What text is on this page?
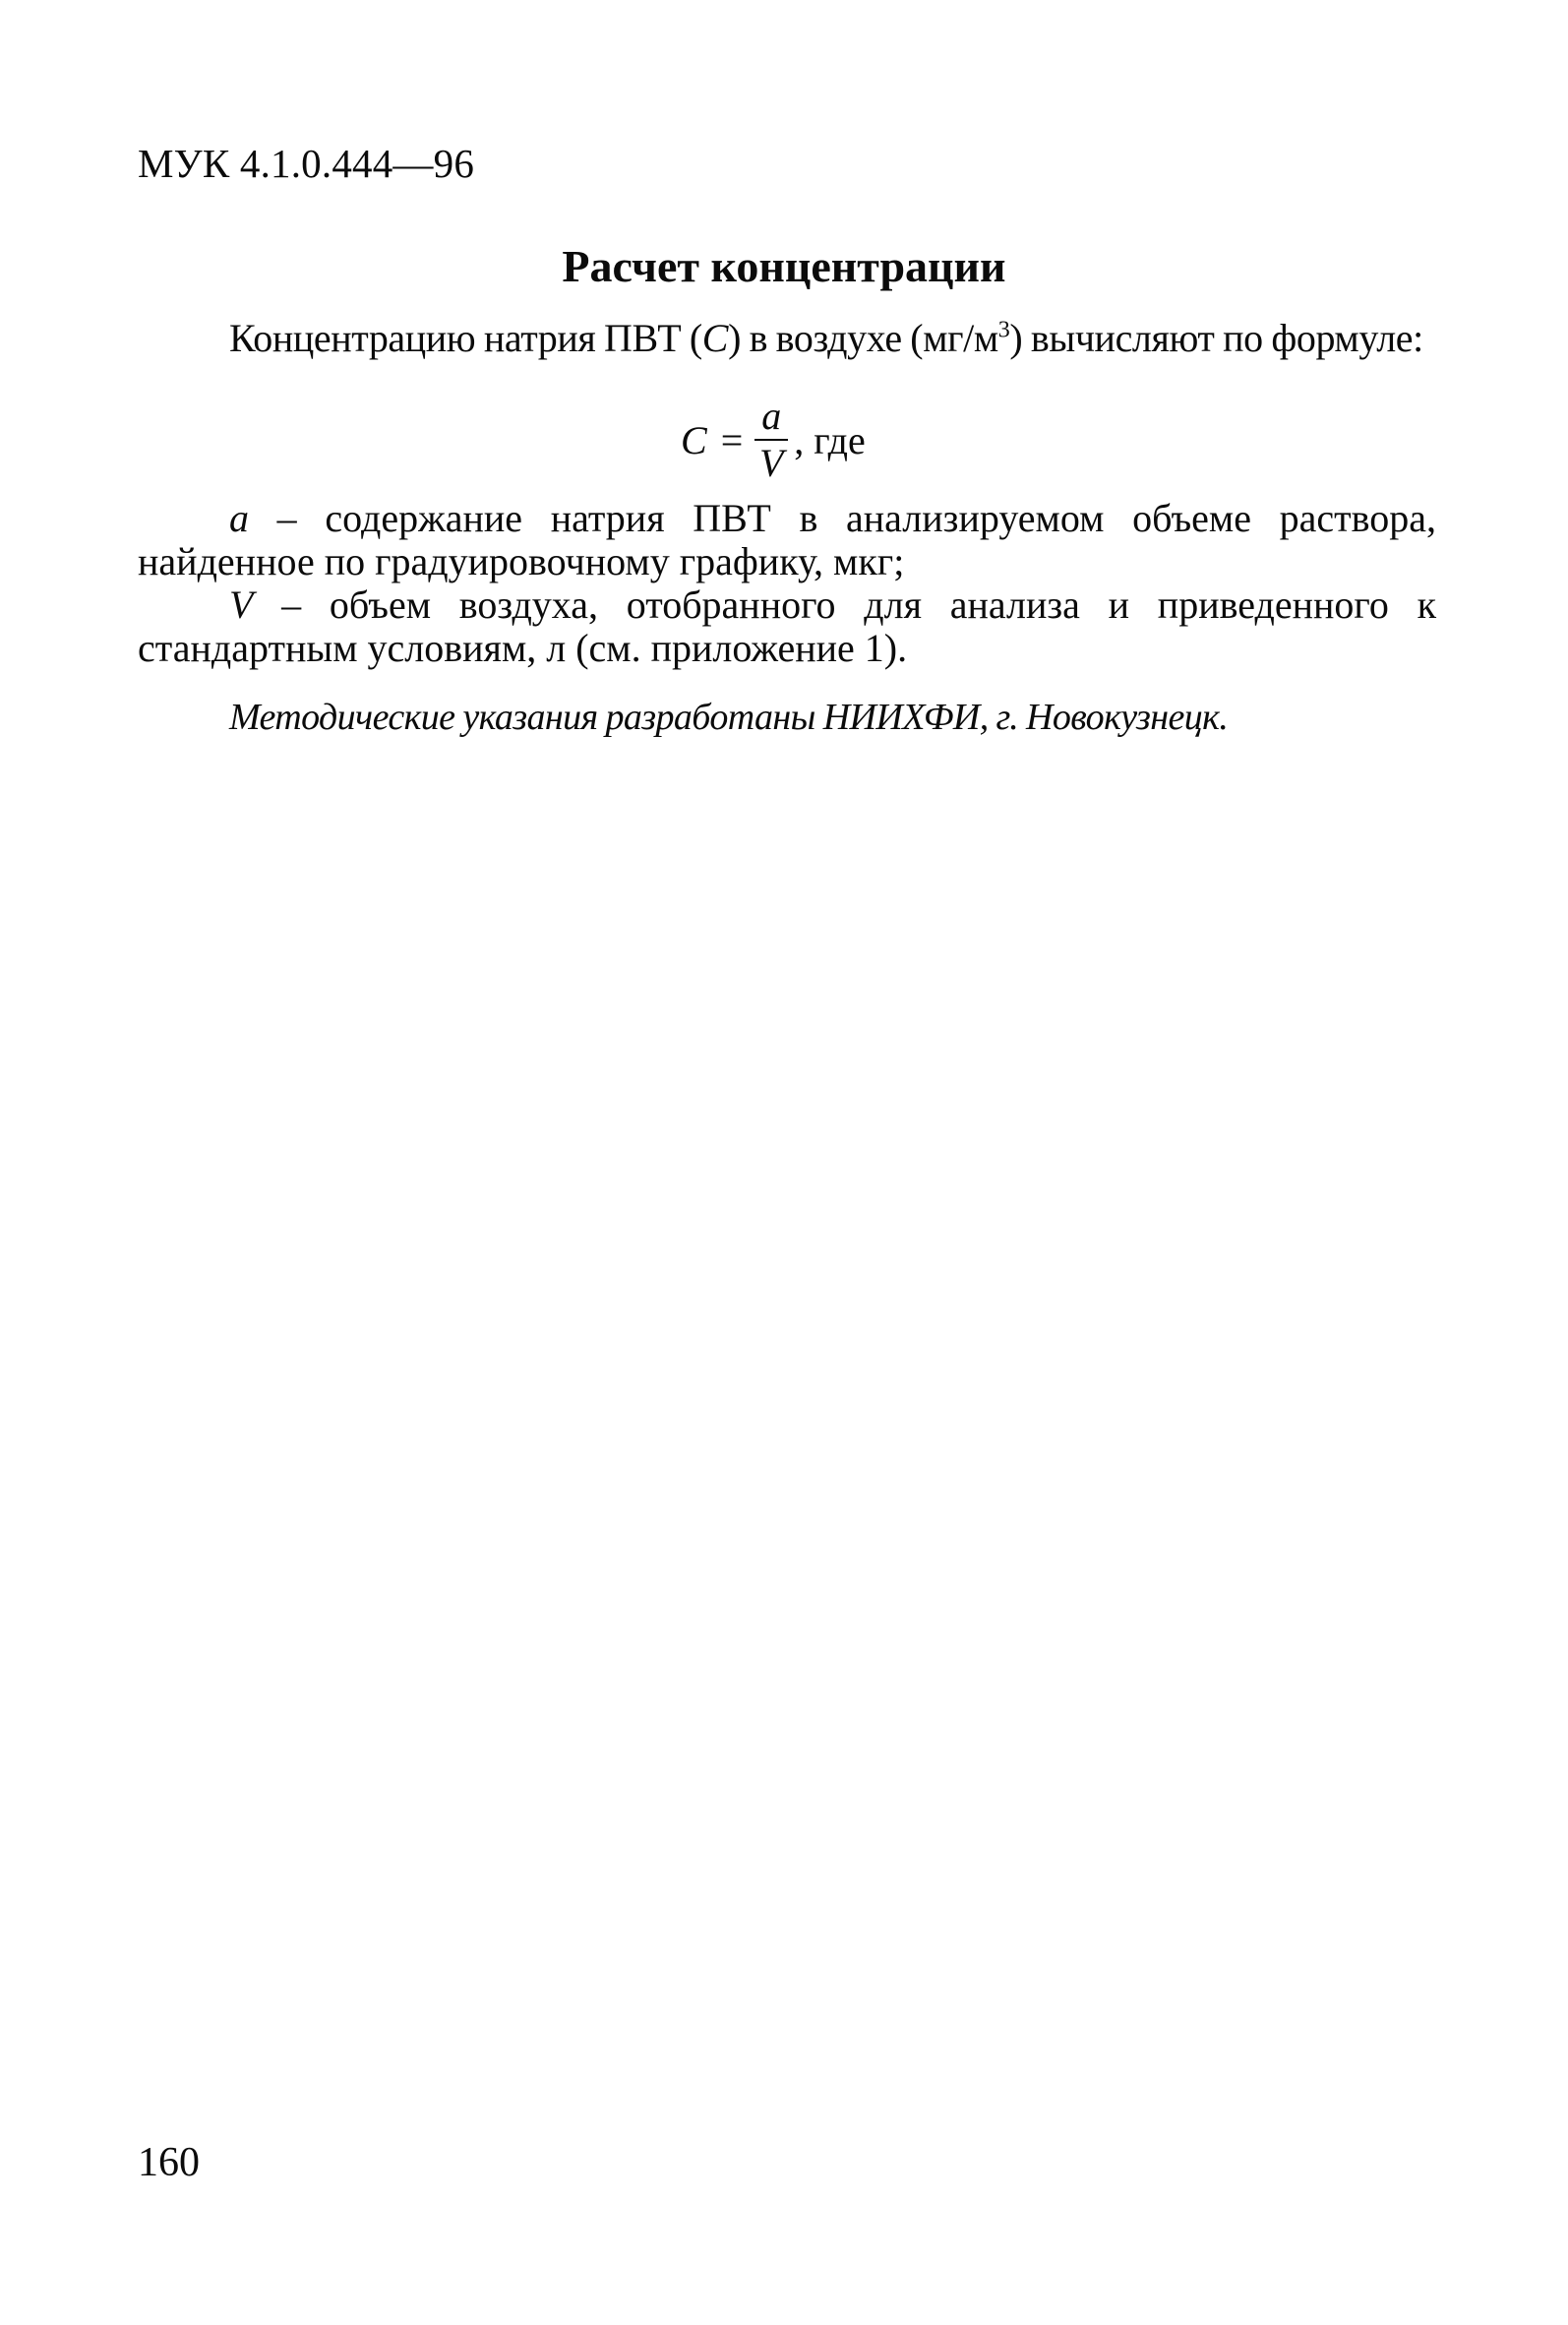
МУК 4.1.0.444—96
Расчет концентрации
Концентрацию натрия ПВТ (C) в воздухе $(мг/м^3)$ вычисляют по формуле:
$C = \frac{a}{V}$ , где
a – содержание натрия ПВТ в анализируемом объеме раствора, найденное по градуировочному графику, мкг;
V – объем воздуха, отобранного для анализа и приведенного к стандартным условиям, л (см. приложение 1).
Методические указания разработаны НИИХФИ, г. Новокузнецк.
160
